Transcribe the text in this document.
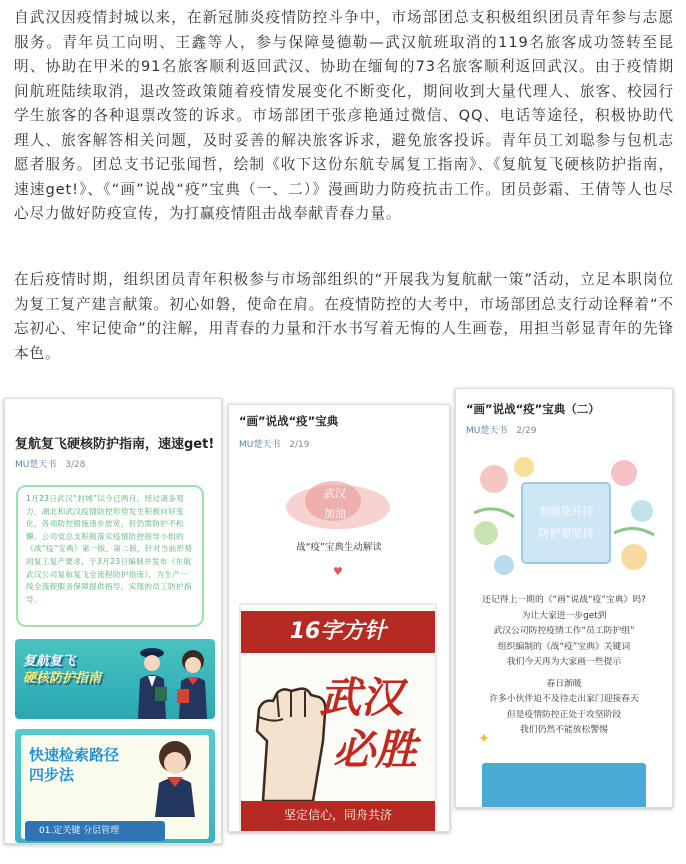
自武汉因疫情封城以来，在新冠肺炎疫情防控斗争中，市场部团总支积极组织团员青年参与志愿服务。青年员工向明、王鑫等人，参与保障曼德勒—武汉航班取消的119名旅客成功签转至昆明、协助在甲米的91名旅客顺利返回武汉、协助在缅甸的73名旅客顺利返回武汉。由于疫情期间航班陆续取消，退改签政策随着疫情发展变化不断变化，期间收到大量代理人、旅客、校园行学生旅客的各种退票改签的诉求。市场部团干张彦艳通过微信、QQ、电话等途径，积极协助代理人、旅客解答相关问题，及时妥善的解决旅客诉求，避免旅客投诉。青年员工刘聪参与包机志愿者服务。团总支书记张闻哲，绘制《收下这份东航专属复工指南》、《复航复飞硬核防护指南，速速get!》、《“画”说战“疫”宝典（一、二）》漫画助力防疫抗击工作。团员彭霜、王倩等人也尽心尽力做好防疫宣传，为打赢疫情阻击战奉献青春力量。

在后疫情时期，组织团员青年积极参与市场部组织的“开展我为复航献一策”活动，立足本职岗位为复工复产建言献策。初心如磐，使命在肩。在疫情防控的大考中，市场部团总支行动诠释着“不忘初心、牢记使命”的注解，用青春的力量和汗水书写着无悔的人生画卷，用担当彰显青年的先锋本色。

复航复飞硬核防护指南，速速get!
MU楚天书 3/28
1月23日武汉“封城”以今已两月，经过诸多努力，湖北和武汉疫情防控形势发生积极向好变化，各项防控措施逐步放宽，但仍需防护不松懈。公司党总支积极落实疫情防控指导小组的《战“疫”宝典》第一版、第二版，针对当前形势同复工复产要求，于3月23日编制并发布《东航武汉公司复航复飞全流程防护指南》，为生产一线全流程服务保障提供指导，实现的员工防护指导。
复航复飞
硬核防护指南
快速检索路径
四步法
01.定关键 分层管理
“画”说战“疫”宝典
MU楚天书 2/19
武汉
加油
战“疫”宝典生动解读
♥
16字方针
武汉
必胜
坚定信心，同舟共济
“画”说战“疫”宝典（二）
MU楚天书 2/29
春暖花开待
防护要坚持
还记得上一期的《“画”说战“疫”宝典》吗?
为让大家进一步get到
武汉公司防控疫情工作“员工防护组”
组织编制的《战“疫”宝典》关键词
我们今天再为大家画一些提示
春日渐暖
许多小伙伴迫不及待走出家门迎接春天
但是疫情防控正处于攻坚阶段
我们仍然不能放松警惕
✦
